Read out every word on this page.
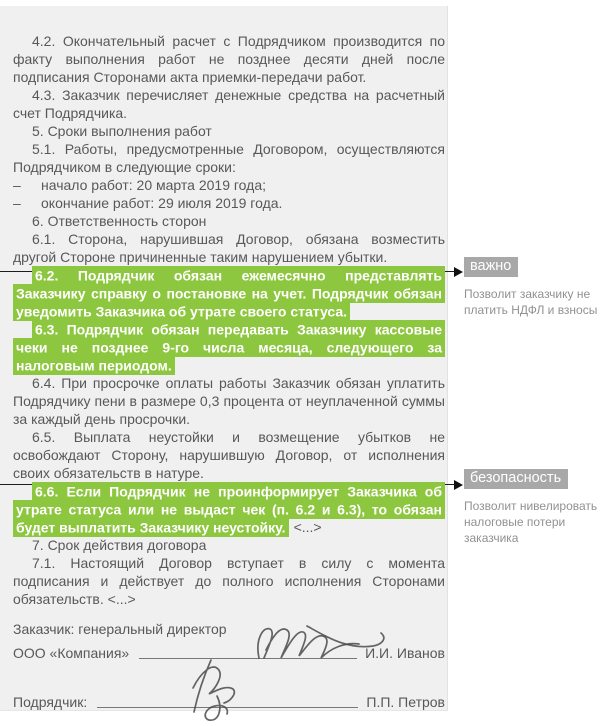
4.2. Окончательный расчет с Подрядчиком производится по факту выполнения работ не позднее десяти дней после подписания Сторонами акта приемки-передачи работ.

4.3. Заказчик перечисляет денежные средства на расчетный счет Подрядчика.

5. Сроки выполнения работ

5.1. Работы, предусмотренные Договором, осуществляются Подрядчиком в следующие сроки:

– начало работ: 20 марта 2019 года;

– окончание работ: 29 июля 2019 года.

6. Ответственность сторон

6.1. Сторона, нарушившая Договор, обязана возместить другой Стороне причиненные таким нарушением убытки.

6.2. Подрядчик обязан ежемесячно представлять Заказчику справку о постановке на учет. Подрядчик обязан уведомить Заказчика об утрате своего статуса.

6.3. Подрядчик обязан передавать Заказчику кассовые чеки не позднее 9-го числа месяца, следующего за налоговым периодом.

6.4. При просрочке оплаты работы Заказчик обязан уплатить Подрядчику пени в размере 0,3 процента от неуплаченной суммы за каждый день просрочки.

6.5. Выплата неустойки и возмещение убытков не освобождают Сторону, нарушившую Договор, от исполнения своих обязательств в натуре.

6.6. Если Подрядчик не проинформирует Заказчика об утрате статуса или не выдаст чек (п. 6.2 и 6.3), то обязан будет выплатить Заказчику неустойку. <...>

7. Срок действия договора

7.1. Настоящий Договор вступает в силу с момента подписания и действует до полного исполнения Сторонами обязательств. <...>

Заказчик: генеральный директор
ООО «Компания»	И.И. Иванов
Подрядчик:	П.П. Петров
важно
Позволит заказчику не платить НДФЛ и взносы
безопасность
Позволит нивелировать налоговые потери заказчика
